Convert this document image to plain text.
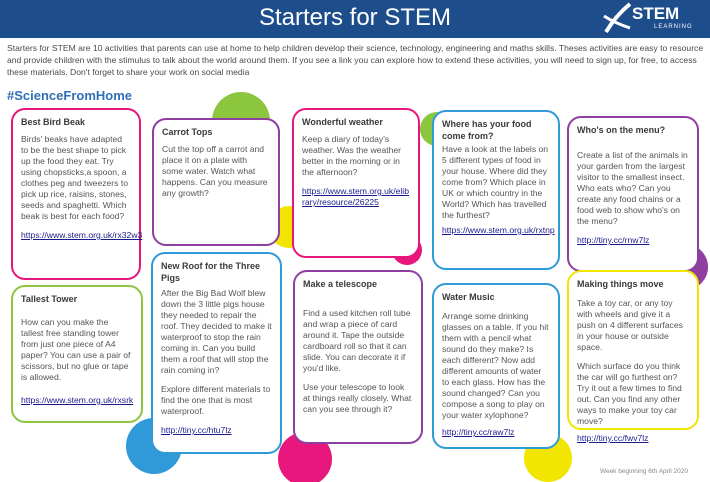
Starters for STEM	STEM
LEARNING
Starters for STEM are 10 activities that parents can use at home to help children develop their science, technology, engineering and maths skills. Theses activities are easy to resource and provide children with the stimulus to talk about the world around them. If you see a link you can explore how to extend these activities, you will need to sign up, for free, to access these materials. Don't forget to share your work on social media
#ScienceFromHome
Best Bird Beak
Birds' beaks have adapted to be the best shape to pick up the food they eat. Try using chopsticks,a spoon, a clothes peg and tweezers to pick up rice, raisins, stones, seeds and spaghetti. Which beak is best for each food?
https://www.stem.org.uk/rx32w3
Carrot Tops
Cut the top off a carrot and place it on a plate with some water. Watch what happens. Can you measure any growth?
Wonderful weather
Keep a diary of today's weather. Was the weather better in the morning or in the afternoon?
https://www.stem.org.uk/elibrary/resource/26225
Where has your food come from?
Have a look at the labels on 5 different types of food in your house. Where did they come from? Which place in UK or which country in the World? Which has travelled the furthest?
https://www.stem.org.uk/rxtnp
Who's on the menu?
Create a list of the animals in your garden from the largest visitor to the smallest insect. Who eats who? Can you create any food chains or a food web to show who's on the menu?
http://tiny.cc/rnw7lz
Tallest Tower
How can you make the tallest free standing tower from just one piece of A4 paper? You can use a pair of scissors, but no glue or tape is allowed.
https://www.stem.org.uk/rxsrk
New Roof for the Three Pigs

After the Big Bad Wolf blew down the 3 little pigs house they needed to repair the roof. They decided to make it waterproof to stop the rain coming in. Can you build them a roof that will stop the rain coming in?

Explore different materials to find the one that is most waterproof.

http://tiny.cc/htu7lz
Make a telescope

Find a used kitchen roll tube and wrap a piece of card around it. Tape the outside cardboard roll so that it can slide. You can decorate it if you'd like.

Use your telescope to look at things really closely. What can you see through it?

Water Music
Arrange some drinking glasses on a table. If you hit them with a pencil what sound do they make? Is each different? Now add different amounts of water to each glass. How has the sound changed? Can you compose a song to play on your water xylophone?
http://tiny.cc/raw7lz
Making things move

Take a toy car, or any toy with wheels and give it a push on 4 different surfaces in your house or outside space.

Which surface do you think the car will go furthest on? Try it out a few times to find out. Can you find any other ways to make your toy car move?

http://tiny.cc/fwv7lz
Week beginning 6th April 2020
